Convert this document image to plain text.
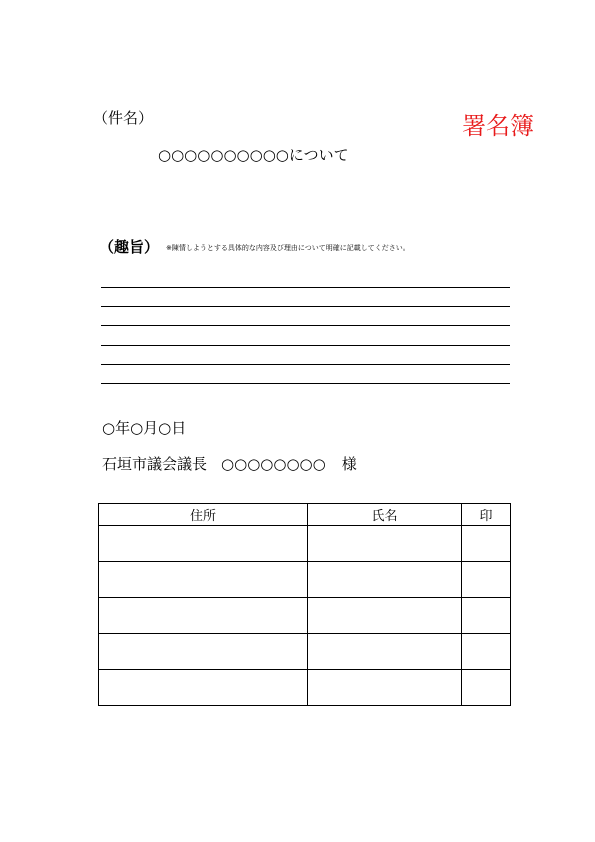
（件名）	署名簿
○○○○○○○○○○について
（趣旨） ※陳情しようとする具体的な内容及び理由について明確に記載してください。
○年○月○日
石垣市議会議長 ○○○○○○○○ 様
住所	氏名	印
